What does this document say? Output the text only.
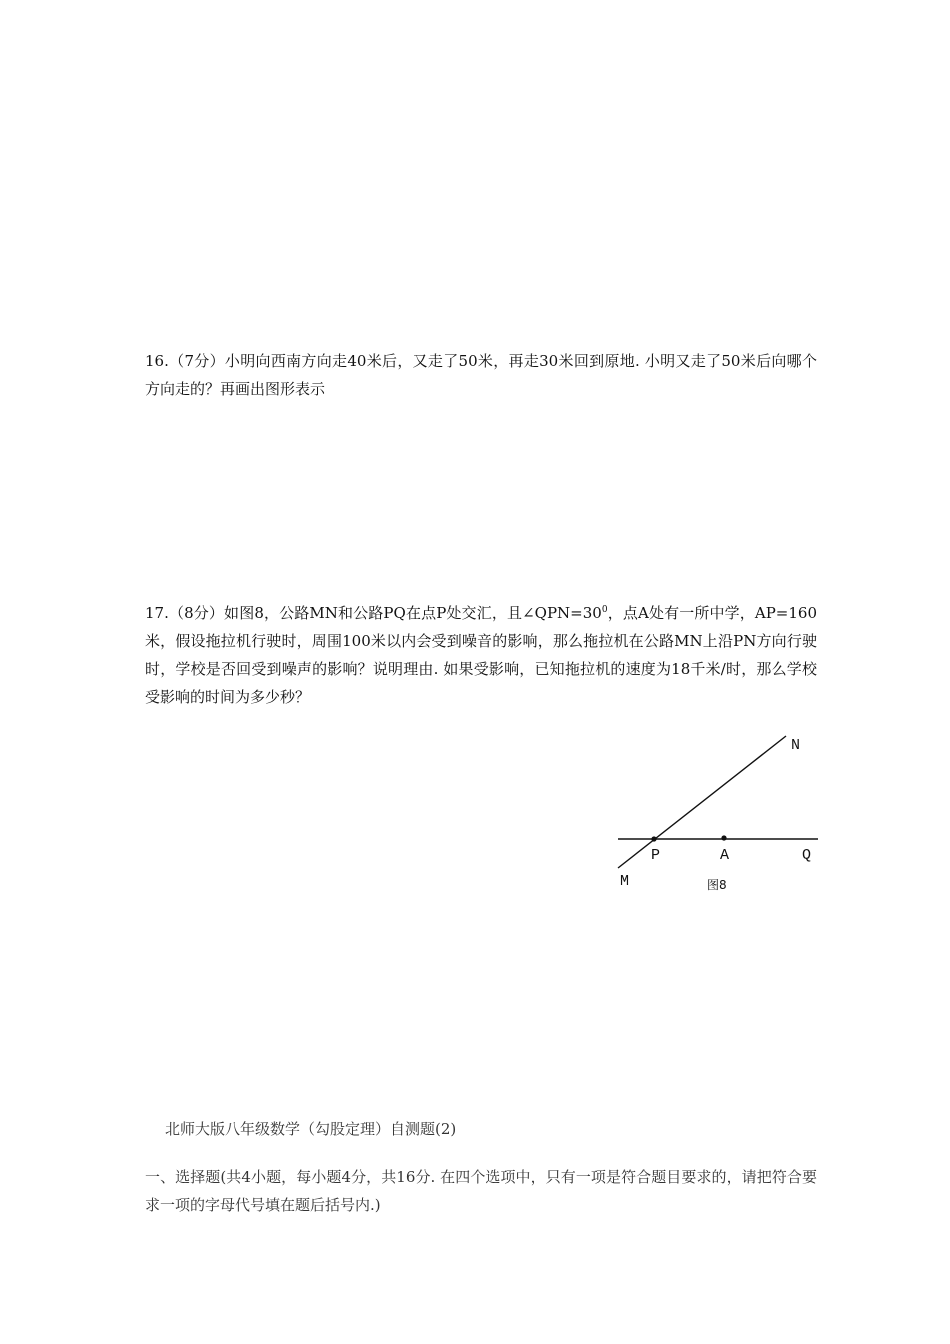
16.（7分）小明向西南方向走40米后，又走了50米，再走30米回到原地. 小明又走了50米后向哪个方向走的？再画出图形表示
17.（8分）如图8，公路MN和公路PQ在点P处交汇，且$\angle QPN=30^0$，点A处有一所中学，AP=160米，假设拖拉机行驶时，周围100米以内会受到噪音的影响，那么拖拉机在公路MN上沿PN方向行驶时，学校是否回受到噪声的影响？说明理由. 如果受影响，已知拖拉机的速度为18千米/时，那么学校受影响的时间为多少秒？
N
P	A	Q
M	图8
北师大版八年级数学（勾股定理）自测题(2)
一、选择题(共4小题，每小题4分，共16分. 在四个选项中，只有一项是符合题目要求的，请把符合要求一项的字母代号填在题后括号内.)
